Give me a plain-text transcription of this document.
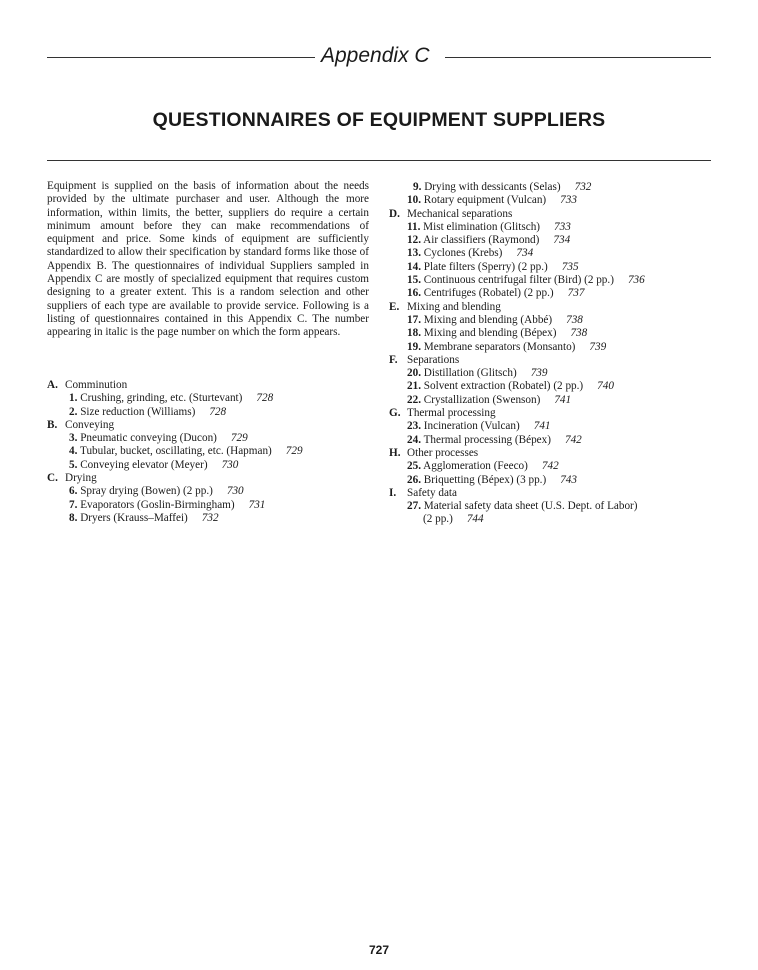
Appendix C
QUESTIONNAIRES OF EQUIPMENT SUPPLIERS
Equipment is supplied on the basis of information about the needs provided by the ultimate purchaser and user. Although the more information, within limits, the better, suppliers do require a certain minimum amount before they can make recommendations of equipment and price. Some kinds of equipment are sufficiently standardized to allow their specification by standard forms like those of Appendix B. The questionnaires of individual Suppliers sampled in Appendix C are mostly of specialized equipment that requires custom designing to a greater extent. This is a random selection and other suppliers of each type are available to provide service. Following is a listing of questionnaires contained in this Appendix C. The number appearing in italic is the page number on which the form appears.
A. Comminution
1. Crushing, grinding, etc. (Sturtevant) 728
2. Size reduction (Williams) 728
B. Conveying
3. Pneumatic conveying (Ducon) 729
4. Tubular, bucket, oscillating, etc. (Hapman) 729
5. Conveying elevator (Meyer) 730
C. Drying
6. Spray drying (Bowen) (2 pp.) 730
7. Evaporators (Goslin-Birmingham) 731
8. Dryers (Krauss–Maffei) 732
9. Drying with dessicants (Selas) 732
10. Rotary equipment (Vulcan) 733
D. Mechanical separations
11. Mist elimination (Glitsch) 733
12. Air classifiers (Raymond) 734
13. Cyclones (Krebs) 734
14. Plate filters (Sperry) (2 pp.) 735
15. Continuous centrifugal filter (Bird) (2 pp.) 736
16. Centrifuges (Robatel) (2 pp.) 737
E. Mixing and blending
17. Mixing and blending (Abbé) 738
18. Mixing and blending (Bépex) 738
19. Membrane separators (Monsanto) 739
F. Separations
20. Distillation (Glitsch) 739
21. Solvent extraction (Robatel) (2 pp.) 740
22. Crystallization (Swenson) 741
G. Thermal processing
23. Incineration (Vulcan) 741
24. Thermal processing (Bépex) 742
H. Other processes
25. Agglomeration (Feeco) 742
26. Briquetting (Bépex) (3 pp.) 743
I. Safety data
27. Material safety data sheet (U.S. Dept. of Labor)
(2 pp.) 744
727
